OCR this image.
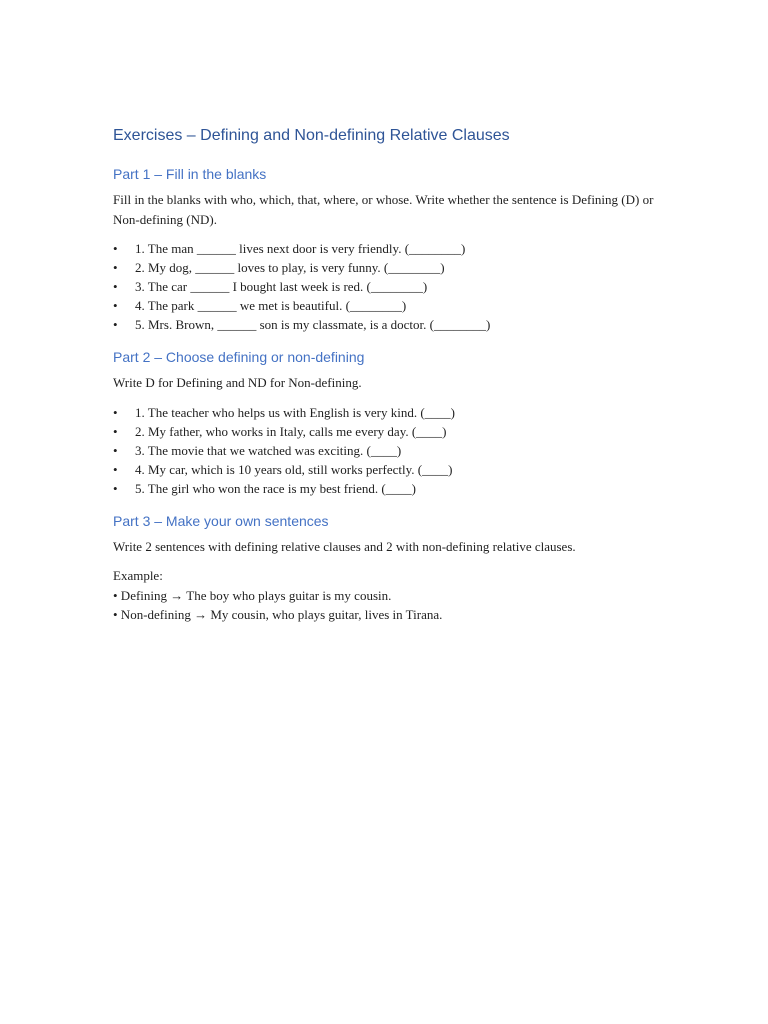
Exercises – Defining and Non-defining Relative Clauses
Part 1 – Fill in the blanks

Fill in the blanks with who, which, that, where, or whose. Write whether the sentence is Defining (D) or Non-defining (ND).

• 1. The man ______ lives next door is very friendly. (________)
• 2. My dog, ______ loves to play, is very funny. (________)
• 3. The car ______ I bought last week is red. (________)
• 4. The park ______ we met is beautiful. (________)
• 5. Mrs. Brown, ______ son is my classmate, is a doctor. (________)
Part 2 – Choose defining or non-defining

Write D for Defining and ND for Non-defining.

• 1. The teacher who helps us with English is very kind. (____)
• 2. My father, who works in Italy, calls me every day. (____)
• 3. The movie that we watched was exciting. (____)
• 4. My car, which is 10 years old, still works perfectly. (____)
• 5. The girl who won the race is my best friend. (____)
Part 3 – Make your own sentences

Write 2 sentences with defining relative clauses and 2 with non-defining relative clauses.

Example:
• Defining → The boy who plays guitar is my cousin.
• Non-defining → My cousin, who plays guitar, lives in Tirana.
